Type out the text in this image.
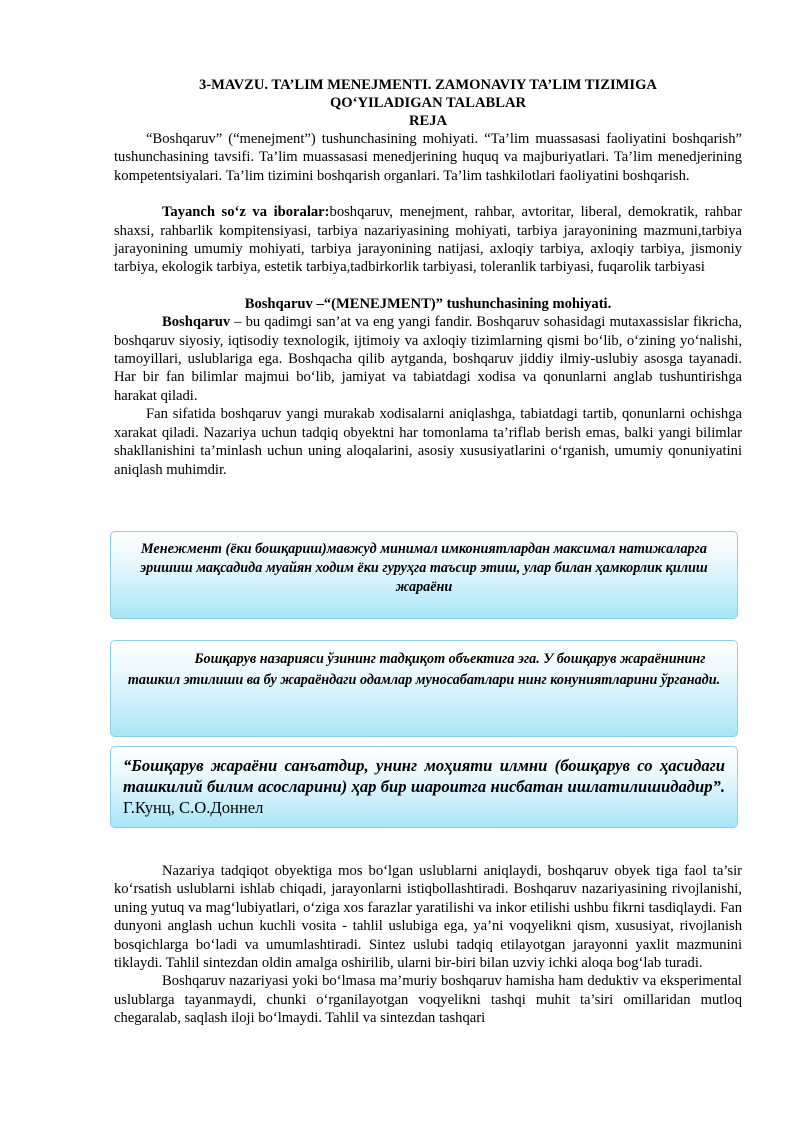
3-MAVZU. TA’LIM MENEJMENTI. ZAMONAVIY TA’LIM TIZIMIGA
QO‘YILADIGAN TALABLAR
REJA

“Boshqaruv” (“menejment”) tushunchasining mohiyati. “Ta’lim muassasasi faoliyatini boshqarish” tushunchasining tavsifi. Ta’lim muassasasi menedjerining huquq va majburiyatlari. Ta’lim menedjerining kompetentsiyalari. Ta’lim tizimini boshqarish organlari. Ta’lim tashkilotlari faoliyatini boshqarish.

Tayanch so‘z va iboralar:boshqaruv, menejment, rahbar, avtoritar, liberal, demokratik, rahbar shaxsi, rahbarlik kompitensiyasi, tarbiya nazariyasining mohiyati, tarbiya jarayonining mazmuni,tarbiya jarayonining umumiy mohiyati, tarbiya jarayonining natijasi, axloqiy tarbiya, axloqiy tarbiya, jismoniy tarbiya, ekologik tarbiya, estetik tarbiya,tadbirkorlik tarbiyasi, toleranlik tarbiyasi, fuqarolik tarbiyasi

Boshqaruv –“(MENEJMENT)” tushunchasining mohiyati.

Boshqaruv – bu qadimgi san’at va eng yangi fandir. Boshqaruv sohasidagi mutaxassislar fikricha, boshqaruv siyosiy, iqtisodiy texnologik, ijtimoiy va axloqiy tizimlarning qismi bo‘lib, o‘zining yo‘nalishi, tamoyillari, uslublariga ega. Boshqacha qilib aytganda, boshqaruv jiddiy ilmiy-uslubiy asosga tayanadi. Har bir fan bilimlar majmui bo‘lib, jamiyat va tabiatdagi xodisa va qonunlarni anglab tushuntirishga harakat qiladi.

Fan sifatida boshqaruv yangi murakab xodisalarni aniqlashga, tabiatdagi tartib, qonunlarni ochishga xarakat qiladi. Nazariya uchun tadqiq obyektni har tomonlama ta’riflab berish emas, balki yangi bilimlar shakllanishini ta’minlash uchun uning aloqalarini, asosiy xususiyatlarini o‘rganish, umumiy qonuniyatini aniqlash muhimdir.

Менежмент (ёки бошқариш)мавжуд минимал имкониятлардан максимал натижаларга эришиш мақсадида муайян ходим ёки гуруҳга таъсир этиш, улар билан ҳамкорлик қилиш жараёни
Бошқарув назарияси ўзининг тадқиқот объектига эга. У бошқарув жараёнининг ташкил этилиши ва бу жараёндаги одамлар муносабатлари нинг конуниятларини ўрганади.
“Бошқарув жараёни санъатдир, унинг моҳияти илмни (бошқарув со ҳасидаги ташкилий билим асосларини) ҳар бир шароитга нисбатан ишлатилишидадир”. Г.Кунц, С.О.Доннел

Nazariya tadqiqot obyektiga mos bo‘lgan uslublarni aniqlaydi, boshqaruv obyek tiga faol ta’sir ko‘rsatish uslublarni ishlab chiqadi, jarayonlarni istiqbollashtiradi. Boshqaruv nazariyasining rivojlanishi, uning yutuq va mag‘lubiyatlari, o‘ziga xos farazlar yaratilishi va inkor etilishi ushbu fikrni tasdiqlaydi. Fan dunyoni anglash uchun kuchli vosita - tahlil uslubiga ega, ya’ni voqyelikni qism, xususiyat, rivojlanish bosqichlarga bo‘ladi va umumlashtiradi. Sintez uslubi tadqiq etilayotgan jarayonni yaxlit mazmunini tiklaydi. Tahlil sintezdan oldin amalga oshirilib, ularni bir-biri bilan uzviy ichki aloqa bog‘lab turadi.

Boshqaruv nazariyasi yoki bo‘lmasa ma’muriy boshqaruv hamisha ham deduktiv va eksperimental uslublarga tayanmaydi, chunki o‘rganilayotgan voqyelikni tashqi muhit ta’siri omillaridan mutloq chegaralab, saqlash iloji bo‘lmaydi. Tahlil va sintezdan tashqari
